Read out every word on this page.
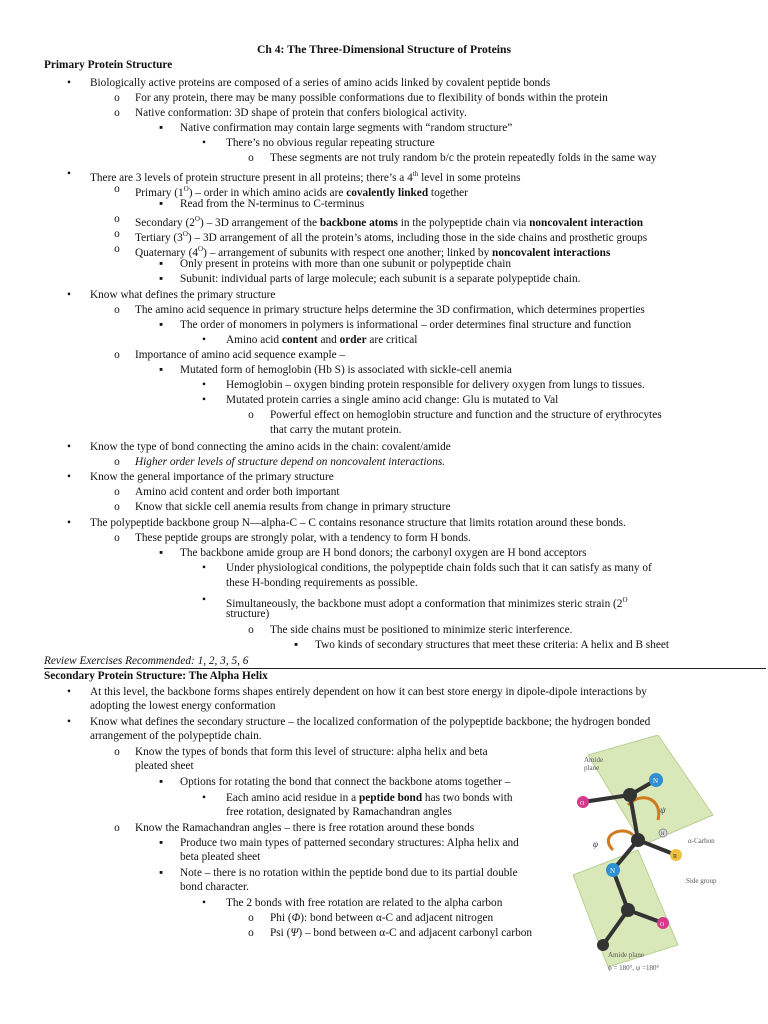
Ch 4: The Three-Dimensional Structure of Proteins
Primary Protein Structure
•	Biologically active proteins are composed of a series of amino acids linked by covalent peptide bonds
o	For any protein, there may be many possible conformations due to flexibility of bonds within the protein
o	Native conformation: 3D shape of protein that confers biological activity.
▪	Native confirmation may contain large segments with “random structure”
•	There’s no obvious regular repeating structure
o	These segments are not truly random b/c the protein repeatedly folds in the same way
•	There are 3 levels of protein structure present in all proteins; there’s a 4th level in some proteins
o	Primary $(1^O)$ – order in which amino acids are covalently linked together
▪	Read from the N-terminus to C-terminus
o	Secondary $(2^O) - 3D$ arrangement of the backbone atoms in the polypeptide chain via noncovalent interaction
o	Tertiary $(3^O) - 3D$ arrangement of all the protein’s atoms, including those in the side chains and prosthetic groups
o	Quaternary $(4^O)$ – arrangement of subunits with respect one another; linked by noncovalent interactions
▪	Only present in proteins with more than one subunit or polypeptide chain
▪	Subunit: individual parts of large molecule; each subunit is a separate polypeptide chain.
•	Know what defines the primary structure
o	The amino acid sequence in primary structure helps determine the 3D confirmation, which determines properties
▪	The order of monomers in polymers is informational – order determines final structure and function
•	Amino acid content and order are critical
o	Importance of amino acid sequence example –
▪	Mutated form of hemoglobin (Hb S) is associated with sickle-cell anemia
•	Hemoglobin – oxygen binding protein responsible for delivery oxygen from lungs to tissues.
•	Mutated protein carries a single amino acid change: Glu is mutated to Val
o	Powerful effect on hemoglobin structure and function and the structure of erythrocytes
that carry the mutant protein.
•	Know the type of bond connecting the amino acids in the chain: covalent/amide
o	Higher order levels of structure depend on noncovalent interactions.
•	Know the general importance of the primary structure
o	Amino acid content and order both important
o	Know that sickle cell anemia results from change in primary structure
•	The polypeptide backbone group N—alpha-C – C contains resonance structure that limits rotation around these bonds.
o	These peptide groups are strongly polar, with a tendency to form H bonds.
▪	The backbone amide group are H bond donors; the carbonyl oxygen are H bond acceptors
•	Under physiological conditions, the polypeptide chain folds such that it can satisfy as many of
these H-bonding requirements as possible.
•	Simultaneously, the backbone must adopt a conformation that minimizes steric strain ($2^O$
structure)
o	The side chains must be positioned to minimize steric interference.
▪	Two kinds of secondary structures that meet these criteria: A helix and B sheet
Review Exercises Recommended: 1, 2, 3, 5, 6
Secondary Protein Structure: The Alpha Helix
•	At this level, the backbone forms shapes entirely dependent on how it can best store energy in dipole-dipole interactions by
adopting the lowest energy conformation
•	Know what defines the secondary structure – the localized conformation of the polypeptide backbone; the hydrogen bonded
arrangement of the polypeptide chain.
o	Know the types of bonds that form this level of structure: alpha helix and beta
pleated sheet
▪	Options for rotating the bond that connect the backbone atoms together –
•	Each amino acid residue in a peptide bond has two bonds with
free rotation, designated by Ramachandran angles
o	Know the Ramachandran angles – there is free rotation around these bonds
▪	Produce two main types of patterned secondary structures: Alpha helix and
beta pleated sheet
▪	Note – there is no rotation within the peptide bond due to its partial double
bond character.
•	The 2 bonds with free rotation are related to the alpha carbon
o	Phi (Φ): bond between α-C and adjacent nitrogen
o	Psi (Ψ) – bond between α-C and adjacent carbonyl carbon
Amide
plane
N
N
O
O
H
R
ψ
φ	α-Carbon
Side group
Amide plane
ϕ = 180°, ψ =180°
